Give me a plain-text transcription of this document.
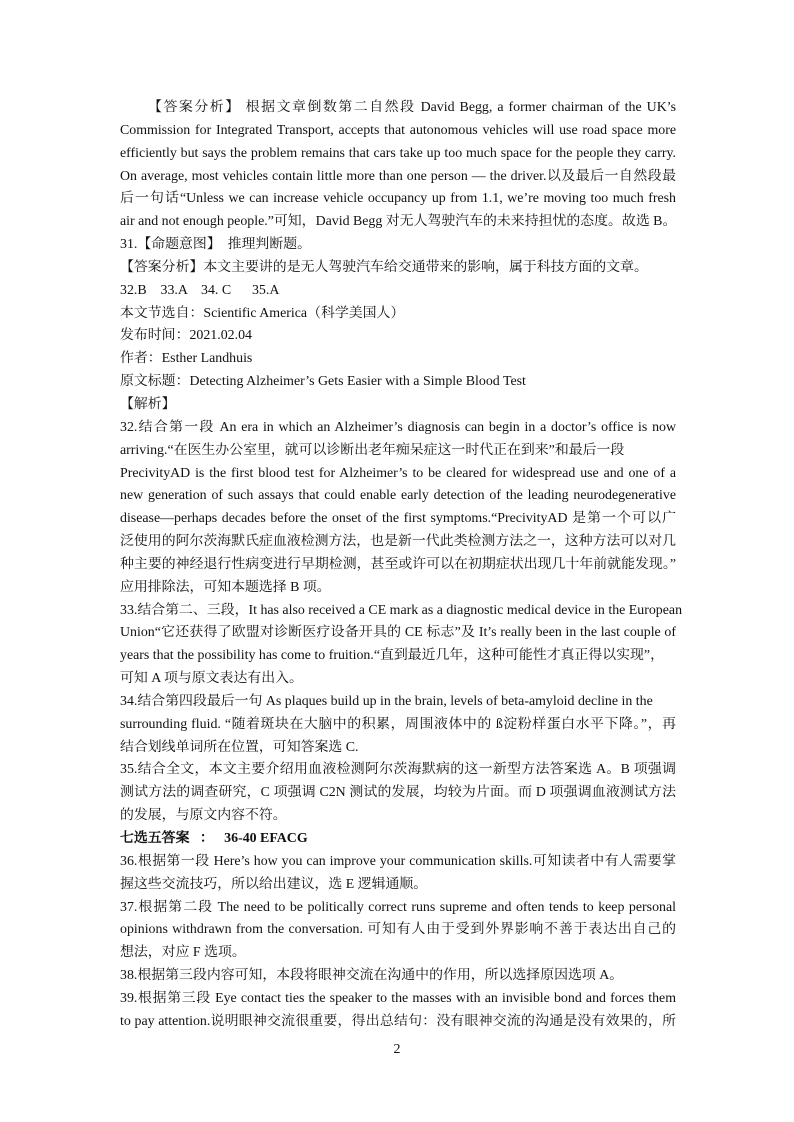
【答案分析】 根据文章倒数第二自然段 David Begg, a former chairman of the UK’s
Commission for Integrated Transport, accepts that autonomous vehicles will use road space more
efficiently but says the problem remains that cars take up too much space for the people they carry.
On average, most vehicles contain little more than one person — the driver.以及最后一自然段最
后一句话“Unless we can increase vehicle occupancy up from 1.1, we’re moving too much fresh
air and not enough people.”可知，David Begg 对无人驾驶汽车的未来持担忧的态度。故选 B。
31.【命题意图】  推理判断题。
【答案分析】本文主要讲的是无人驾驶汽车给交通带来的影响，属于科技方面的文章。
32.B    33.A    34. C      35.A
本文节选自：Scientific America（科学美国人）
发布时间：2021.02.04
作者：Esther Landhuis
原文标题：Detecting Alzheimer’s Gets Easier with a Simple Blood Test
【解析】
32.结合第一段 An era in which an Alzheimer’s diagnosis can begin in a doctor’s office is now
arriving.“在医生办公室里，就可以诊断出老年痴呆症这一时代正在到来”和最后一段
PrecivityAD is the first blood test for Alzheimer’s to be cleared for widespread use and one of a
new generation of such assays that could enable early detection of the leading neurodegenerative
disease—perhaps decades before the onset of the first symptoms.“PrecivityAD 是第一个可以广
泛使用的阿尔茨海默氏症血液检测方法，也是新一代此类检测方法之一，这种方法可以对几
种主要的神经退行性病变进行早期检测，甚至或许可以在初期症状出现几十年前就能发现。”
应用排除法，可知本题选择 B 项。
33.结合第二、三段，It has also received a CE mark as a diagnostic medical device in the European
Union“它还获得了欧盟对诊断医疗设备开具的 CE 标志”及 It’s really been in the last couple of
years that the possibility has come to fruition.“直到最近几年，这种可能性才真正得以实现”，
可知 A 项与原文表达有出入。
34.结合第四段最后一句 As plaques build up in the brain, levels of beta-amyloid decline in the
surrounding fluid. “随着斑块在大脑中的积累，周围液体中的 ß淀粉样蛋白水平下降。”，再
结合划线单词所在位置，可知答案选 C.
35.结合全文，本文主要介绍用血液检测阿尔茨海默病的这一新型方法答案选 A。B 项强调
测试方法的调查研究，C 项强调 C2N 测试的发展，均较为片面。而 D 项强调血液测试方法
的发展，与原文内容不符。
七选五答案   ：   36-40 EFACG
36.根据第一段 Here’s how you can improve your communication skills.可知读者中有人需要掌
握这些交流技巧，所以给出建议，选 E 逻辑通顺。
37.根据第二段 The need to be politically correct runs supreme and often tends to keep personal
opinions withdrawn from the conversation. 可知有人由于受到外界影响不善于表达出自己的
想法，对应 F 选项。
38.根据第三段内容可知，本段将眼神交流在沟通中的作用，所以选择原因选项 A。
39.根据第三段 Eye contact ties the speaker to the masses with an invisible bond and forces them
to pay attention.说明眼神交流很重要，得出总结句：没有眼神交流的沟通是没有效果的，所
2
